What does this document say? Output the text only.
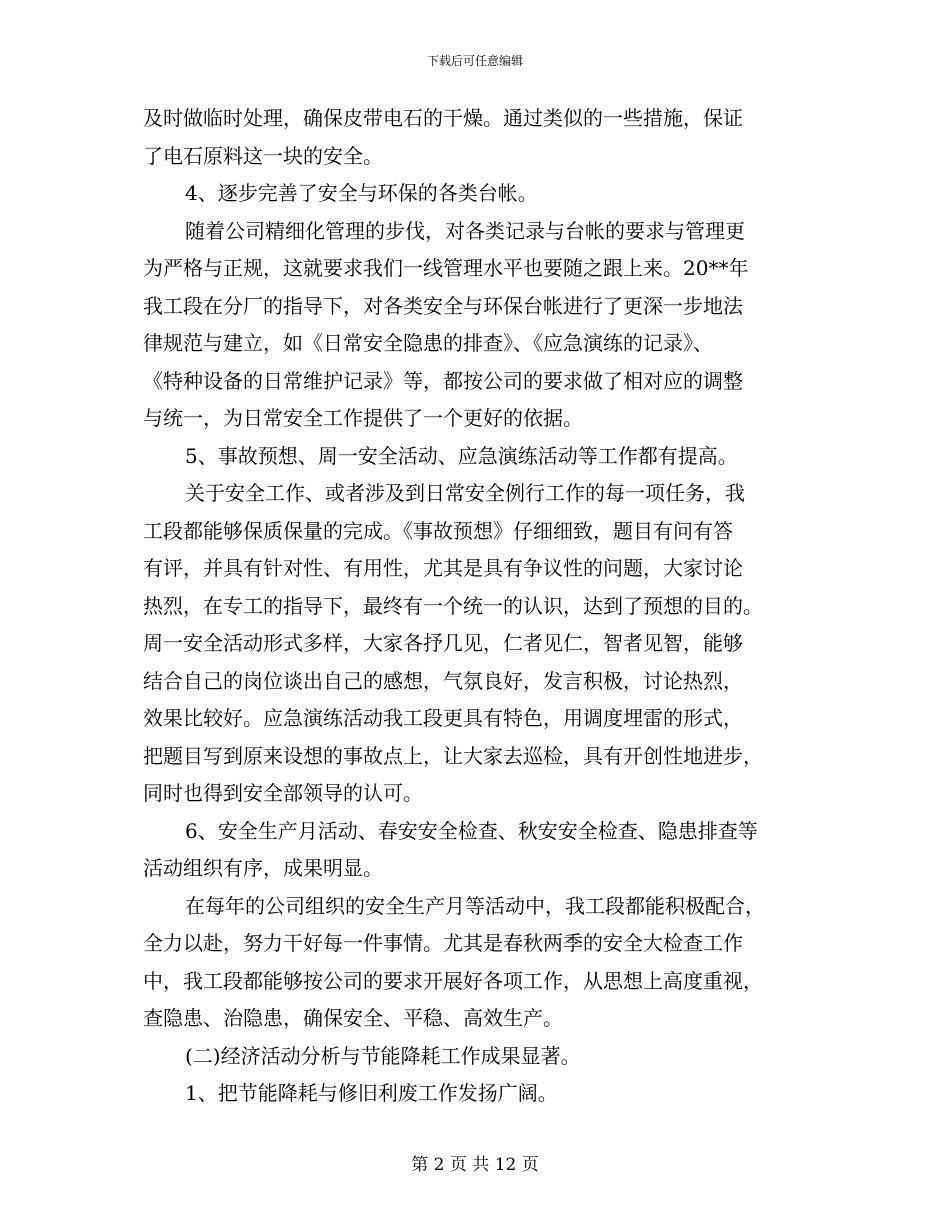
下载后可任意编辑
及时做临时处理，确保皮带电石的干燥。通过类似的一些措施，保证
了电石原料这一块的安全。
4、逐步完善了安全与环保的各类台帐。
随着公司精细化管理的步伐，对各类记录与台帐的要求与管理更
为严格与正规，这就要求我们一线管理水平也要随之跟上来。20**年
我工段在分厂的指导下，对各类安全与环保台帐进行了更深一步地法
律规范与建立，如《日常安全隐患的排查》、《应急演练的记录》、
《特种设备的日常维护记录》等，都按公司的要求做了相对应的调整
与统一，为日常安全工作提供了一个更好的依据。
5、事故预想、周一安全活动、应急演练活动等工作都有提高。
关于安全工作、或者涉及到日常安全例行工作的每一项任务，我
工段都能够保质保量的完成。《事故预想》仔细细致，题目有问有答
有评，并具有针对性、有用性，尤其是具有争议性的问题，大家讨论
热烈，在专工的指导下，最终有一个统一的认识，达到了预想的目的。
周一安全活动形式多样，大家各抒几见，仁者见仁，智者见智，能够
结合自己的岗位谈出自己的感想，气氛良好，发言积极，讨论热烈，
效果比较好。应急演练活动我工段更具有特色，用调度埋雷的形式，
把题目写到原来设想的事故点上，让大家去巡检，具有开创性地进步，
同时也得到安全部领导的认可。
6、安全生产月活动、春安安全检查、秋安安全检查、隐患排查等
活动组织有序，成果明显。
在每年的公司组织的安全生产月等活动中，我工段都能积极配合，
全力以赴，努力干好每一件事情。尤其是春秋两季的安全大检查工作
中，我工段都能够按公司的要求开展好各项工作，从思想上高度重视，
查隐患、治隐患，确保安全、平稳、高效生产。
(二)经济活动分析与节能降耗工作成果显著。
1、把节能降耗与修旧利废工作发扬广阔。
第 2 页 共 12 页
